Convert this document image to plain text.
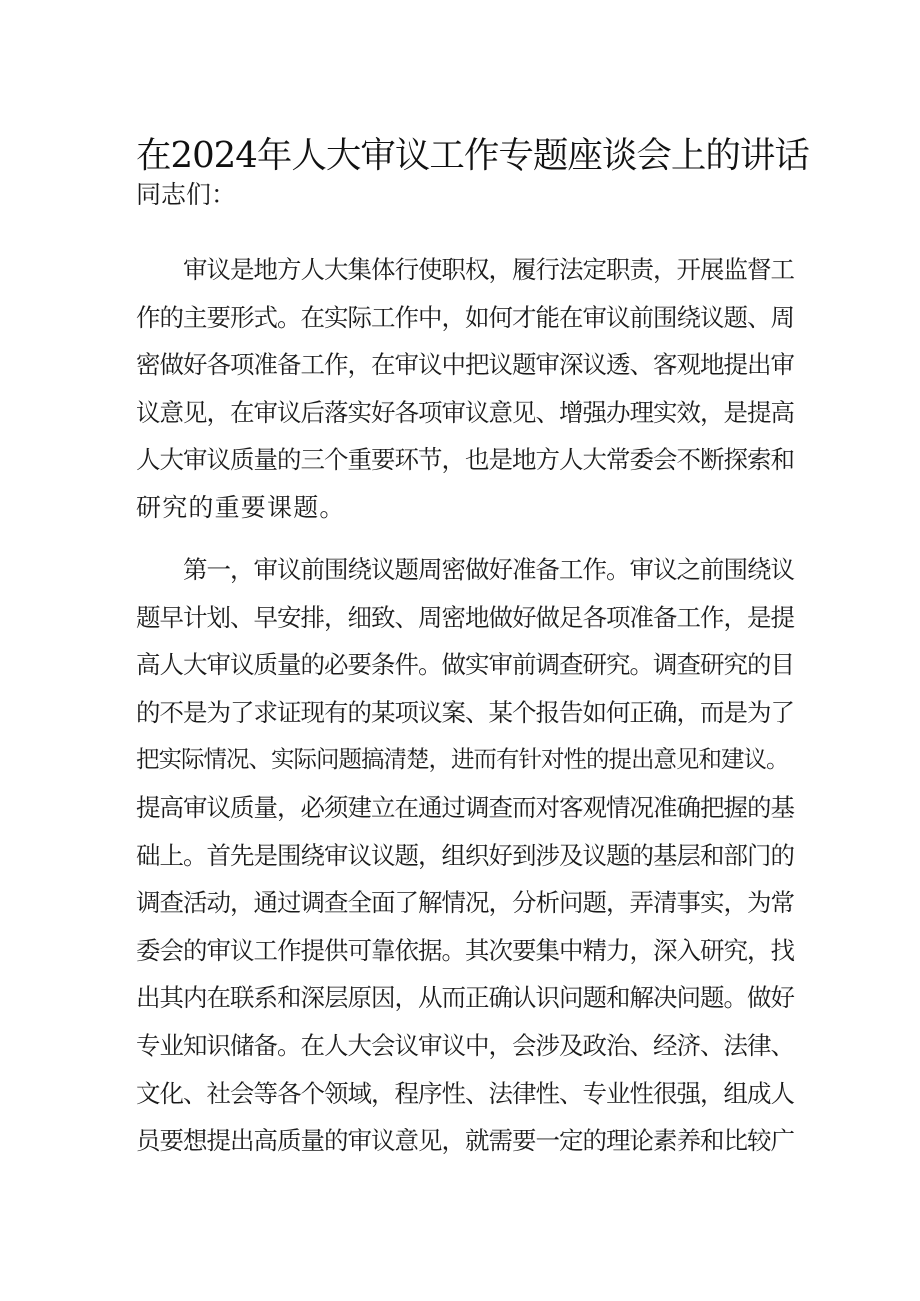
在2024年人大审议工作专题座谈会上的讲话
同志们：
　　审议是地方人大集体行使职权，履行法定职责，开展监督工
作的主要形式。在实际工作中，如何才能在审议前围绕议题、周
密做好各项准备工作，在审议中把议题审深议透、客观地提出审
议意见，在审议后落实好各项审议意见、增强办理实效，是提高
人大审议质量的三个重要环节，也是地方人大常委会不断探索和
研究的重要课题。
　　第一，审议前围绕议题周密做好准备工作。审议之前围绕议
题早计划、早安排，细致、周密地做好做足各项准备工作，是提
高人大审议质量的必要条件。做实审前调查研究。调查研究的目
的不是为了求证现有的某项议案、某个报告如何正确，而是为了
把实际情况、实际问题搞清楚，进而有针对性的提出意见和建议。
提高审议质量，必须建立在通过调查而对客观情况准确把握的基
础上。首先是围绕审议议题，组织好到涉及议题的基层和部门的
调查活动，通过调查全面了解情况，分析问题，弄清事实，为常
委会的审议工作提供可靠依据。其次要集中精力，深入研究，找
出其内在联系和深层原因，从而正确认识问题和解决问题。做好
专业知识储备。在人大会议审议中，会涉及政治、经济、法律、
文化、社会等各个领域，程序性、法律性、专业性很强，组成人
员要想提出高质量的审议意见，就需要一定的理论素养和比较广
